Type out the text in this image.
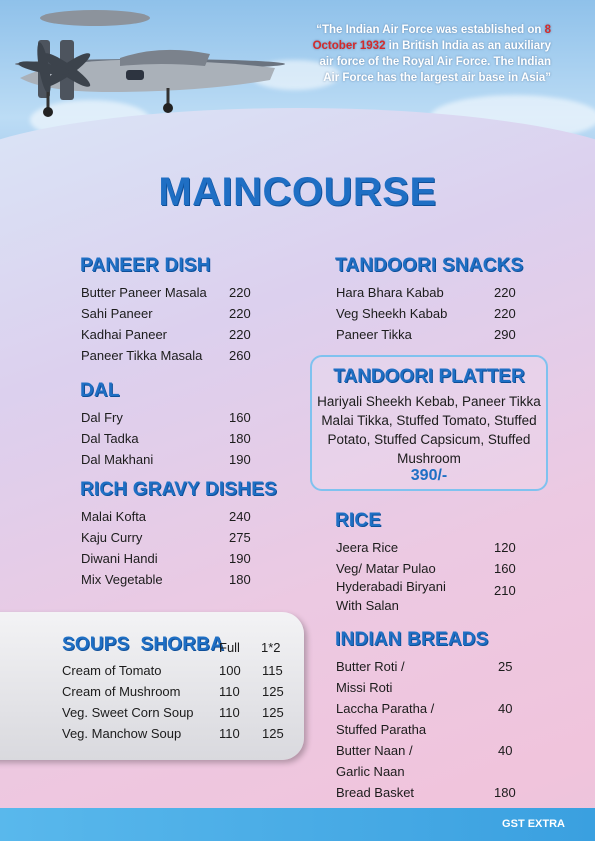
“The Indian Air Force was established on 8 October 1932 in British India as an auxiliary air force of the Royal Air Force. The Indian Air Force has the largest air base in Asia”
MAINCOURSE
PANEER DISH
Butter Paneer Masala 220
Sahi Paneer	220
Kadhai Paneer	220
Paneer Tikka Masala 260
DAL
Dal Fry	160
Dal Tadka	180
Dal Makhani	190
RICH GRAVY DISHES
Malai Kofta	240
Kaju Curry	275
Diwani Handi	190
Mix Vegetable	180
SOUPS  SHORBA
Full 1*2
Cream of Tomato	100 115
Cream of Mushroom	110 125
Veg. Sweet Corn Soup 110 125
Veg. Manchow Soup	110 125
TANDOORI SNACKS
Hara Bhara Kabab	220
Veg Sheekh Kabab	220
Paneer Tikka	290
TANDOORI PLATTER
Hariyali Sheekh Kebab, Paneer Tikka Malai Tikka, Stuffed Tomato, Stuffed Potato, Stuffed Capsicum, Stuffed Mushroom
390/-
RICE
Jeera Rice	120
Veg/ Matar Pulao	160
Hyderabadi Biryani	210
With Salan
INDIAN BREADS
Butter Roti /	25
Missi Roti
Laccha Paratha /	40
Stuffed Paratha
Butter Naan /	40
Garlic Naan
Bread Basket	180
GST EXTRA
